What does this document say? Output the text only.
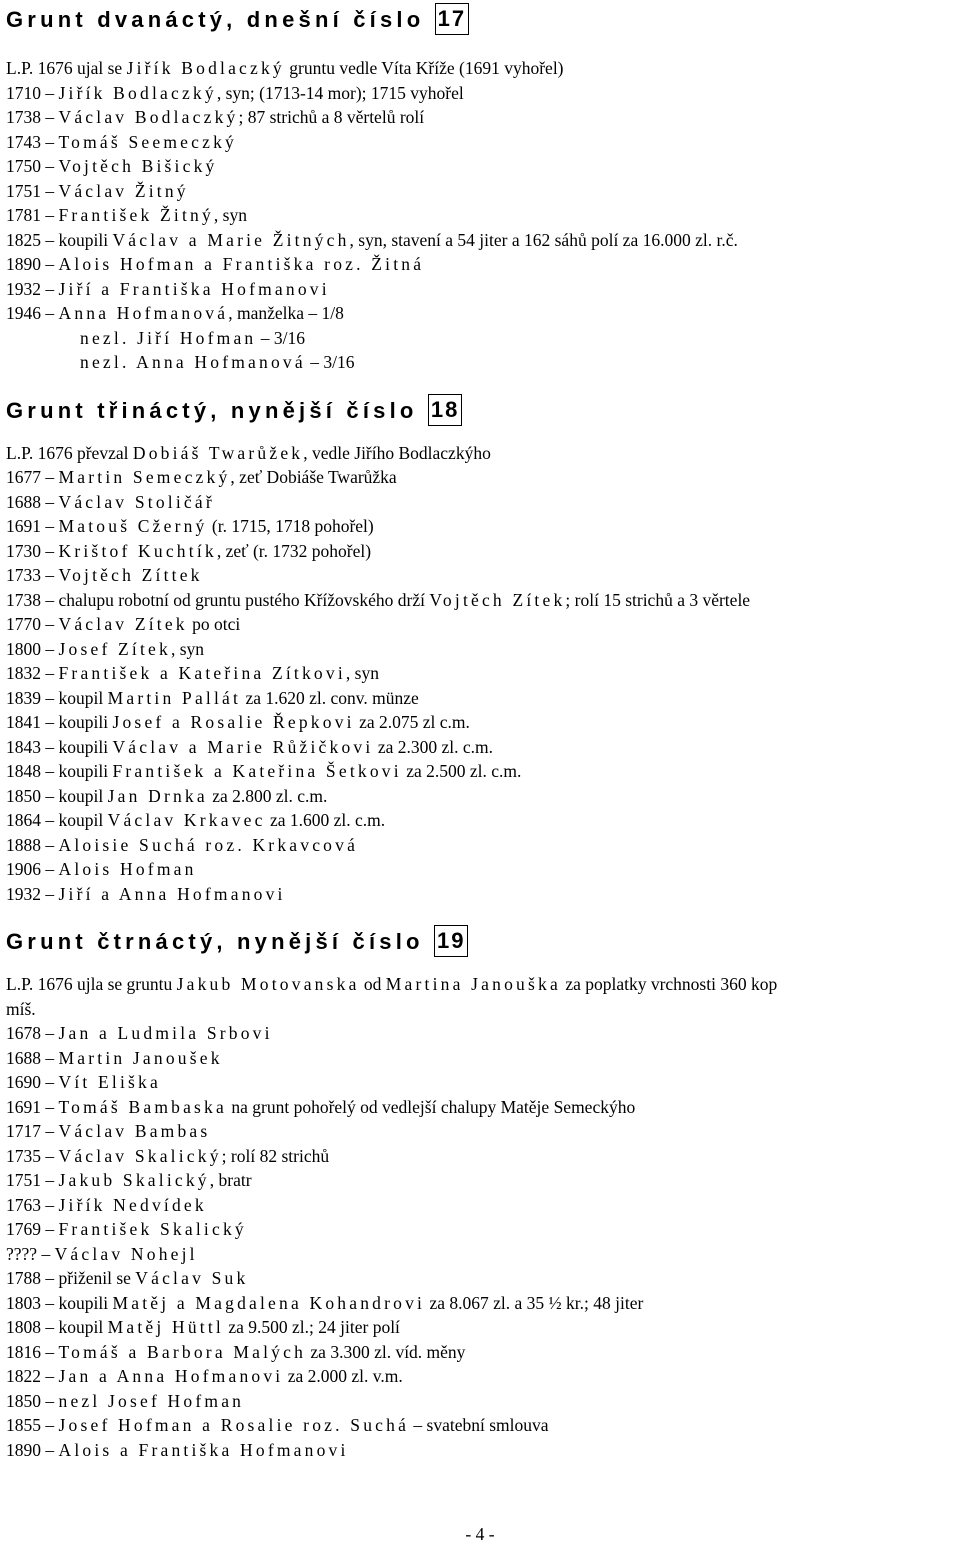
Grunt dvanáctý, dnešní číslo 17
L.P. 1676 ujal se Jiřík Bodlaczký gruntu vedle Víta Kříže (1691 vyhořel)
1710 – Jiřík Bodlaczký, syn; (1713-14 mor); 1715 vyhořel
1738 – Václav Bodlaczký; 87 strichů a 8 věrtelů rolí
1743 – Tomáš Seemeczký
1750 – Vojtěch Bišický
1751 – Václav Žitný
1781 – František Žitný, syn
1825 – koupili Václav a Marie Žitných, syn, stavení a 54 jiter a 162 sáhů polí za 16.000 zl. r.č.
1890 – Alois Hofman a Františka roz. Žitná
1932 – Jiří a Františka Hofmanovi
1946 – Anna Hofmanová, manželka – 1/8
nezl. Jiří Hofman – 3/16
nezl. Anna Hofmanová – 3/16
Grunt třináctý, nynější číslo 18
L.P. 1676 převzal Dobiáš Twarůžek, vedle Jiřího Bodlaczkýho
1677 – Martin Semeczký, zeť Dobiáše Twarůžka
1688 – Václav Stoličář
1691 – Matouš Cžerný (r. 1715, 1718 pohořel)
1730 – Krištof Kuchtík, zeť (r. 1732 pohořel)
1733 – Vojtěch Zíttek
1738 – chalupu robotní od gruntu pustého Křížovského drží Vojtěch Zítek; rolí 15 strichů a 3 věrtele
1770 – Václav Zítek po otci
1800 – Josef Zítek, syn
1832 – František a Kateřina Zítkovi, syn
1839 – koupil Martin Pallát za 1.620 zl. conv. münze
1841 – koupili Josef a Rosalie Řepkovi za 2.075 zl c.m.
1843 – koupili Václav a Marie Růžičkovi za 2.300 zl. c.m.
1848 – koupili František a Kateřina Šetkovi za 2.500 zl. c.m.
1850 – koupil Jan Drnka za 2.800 zl. c.m.
1864 – koupil Václav Krkavec za 1.600 zl. c.m.
1888 – Aloisie Suchá roz. Krkavcová
1906 – Alois Hofman
1932 – Jiří a Anna Hofmanovi
Grunt čtrnáctý, nynější číslo 19
L.P. 1676 ujla se gruntu Jakub Motovanska od Martina Janouška za poplatky vrchnosti 360 kop
míš.
1678 – Jan a Ludmila Srbovi
1688 – Martin Janoušek
1690 – Vít Eliška
1691 – Tomáš Bambaska na grunt pohořelý od vedlejší chalupy Matěje Semeckýho
1717 – Václav Bambas
1735 – Václav Skalický; rolí 82 strichů
1751 – Jakub Skalický, bratr
1763 – Jiřík Nedvídek
1769 – František Skalický
???? – Václav Nohejl
1788 – přiženil se Václav Suk
1803 – koupili Matěj a Magdalena Kohandrovi za 8.067 zl. a 35 ½ kr.; 48 jiter
1808 – koupil Matěj Hüttl za 9.500 zl.; 24 jiter polí
1816 – Tomáš a Barbora Malých za 3.300 zl. víd. měny
1822 – Jan a Anna Hofmanovi za 2.000 zl. v.m.
1850 – nezl Josef Hofman
1855 – Josef Hofman a Rosalie roz. Suchá – svatební smlouva
1890 – Alois a Františka Hofmanovi
- 4 -
